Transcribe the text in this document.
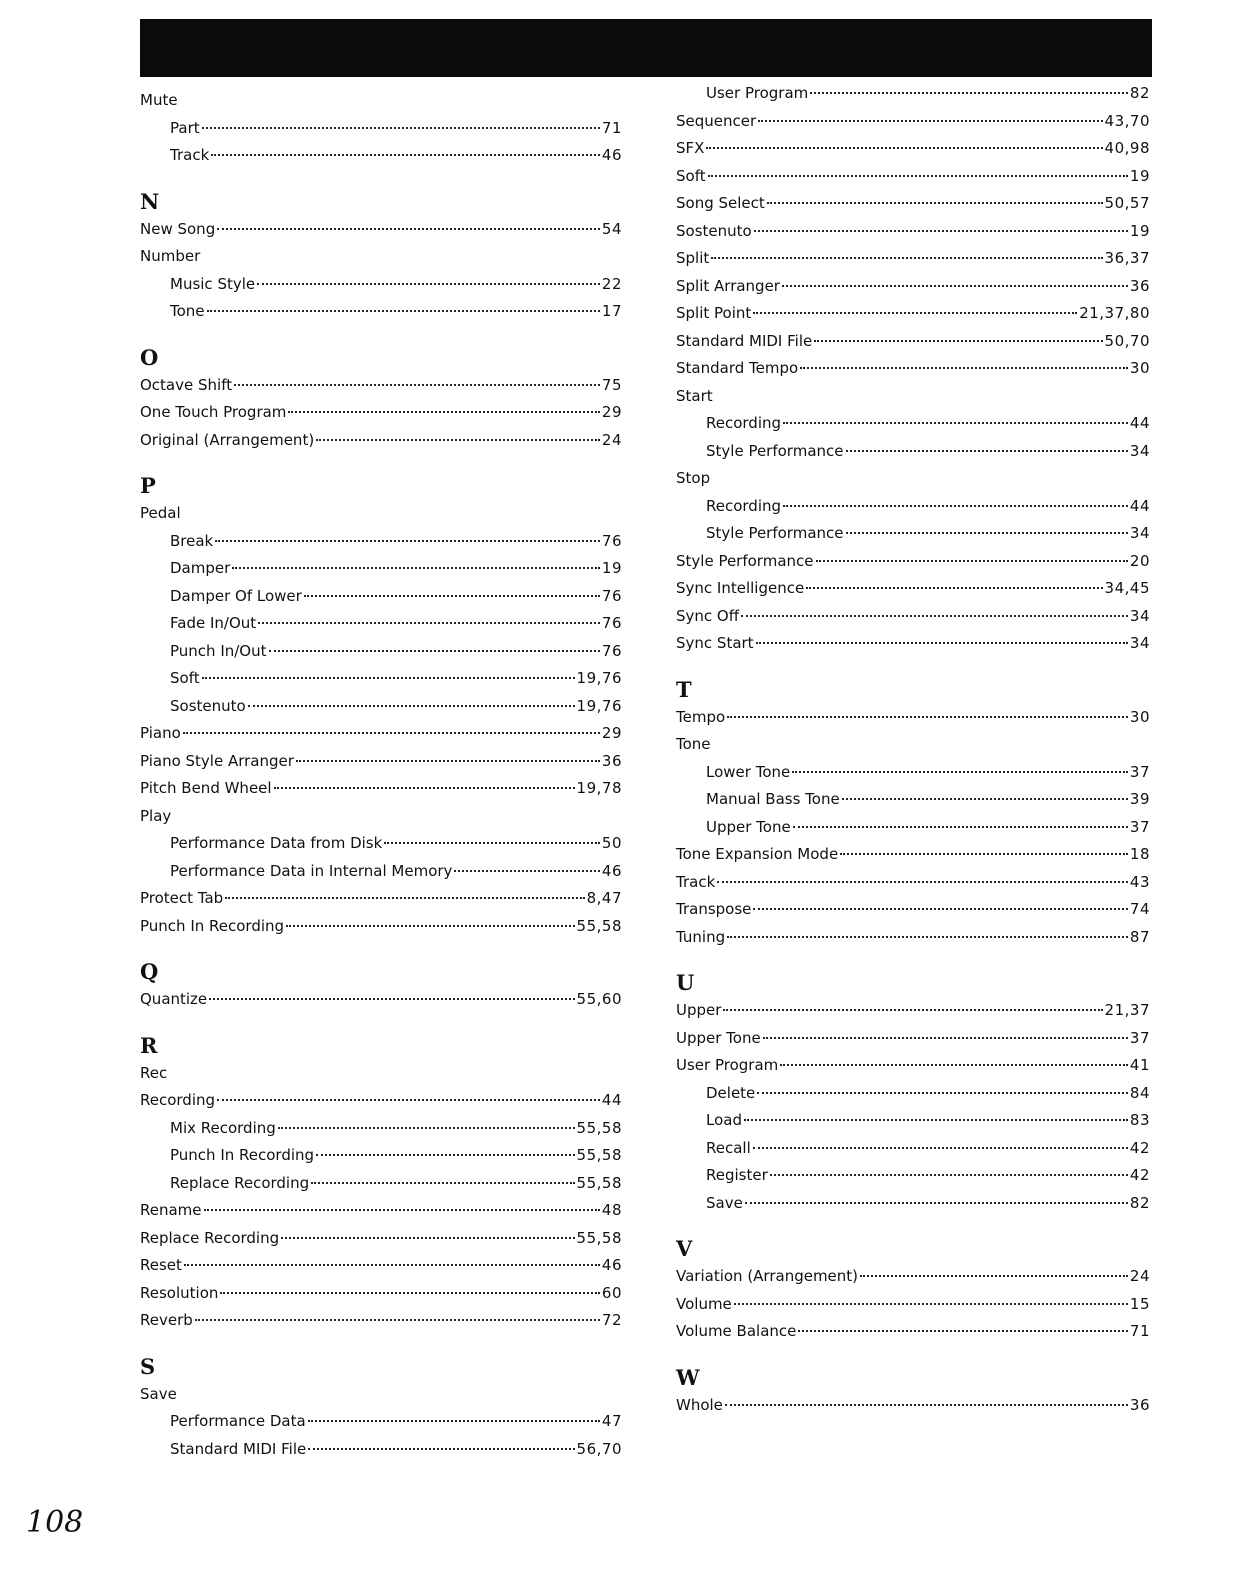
Mute
Part	71
Track	46
N
New Song	54
Number
Music Style	22
Tone	17
O
Octave Shift	75
One Touch Program	29
Original (Arrangement)	24
P
Pedal
Break	76
Damper	19
Damper Of Lower	76
Fade In/Out	76
Punch In/Out	76
Soft	19,76
Sostenuto	19,76
Piano	29
Piano Style Arranger	36
Pitch Bend Wheel	19,78
Play
Performance Data from Disk	50
Performance Data in Internal Memory	46
Protect Tab	8,47
Punch In Recording	55,58
Q
Quantize	55,60
R
Rec
Recording	44
Mix Recording	55,58
Punch In Recording	55,58
Replace Recording	55,58
Rename	48
Replace Recording	55,58
Reset	46
Resolution	60
Reverb	72
S
Save
Performance Data	47
Standard MIDI File	56,70
User Program	82
Sequencer	43,70
SFX	40,98
Soft	19
Song Select	50,57
Sostenuto	19
Split	36,37
Split Arranger	36
Split Point	21,37,80
Standard MIDI File	50,70
Standard Tempo	30
Start
Recording	44
Style Performance	34
Stop
Recording	44
Style Performance	34
Style Performance	20
Sync Intelligence	34,45
Sync Off	34
Sync Start	34
T
Tempo	30
Tone
Lower Tone	37
Manual Bass Tone	39
Upper Tone	37
Tone Expansion Mode	18
Track	43
Transpose	74
Tuning	87
U
Upper	21,37
Upper Tone	37
User Program	41
Delete	84
Load	83
Recall	42
Register	42
Save	82
V
Variation (Arrangement)	24
Volume	15
Volume Balance	71
W
Whole	36
108
